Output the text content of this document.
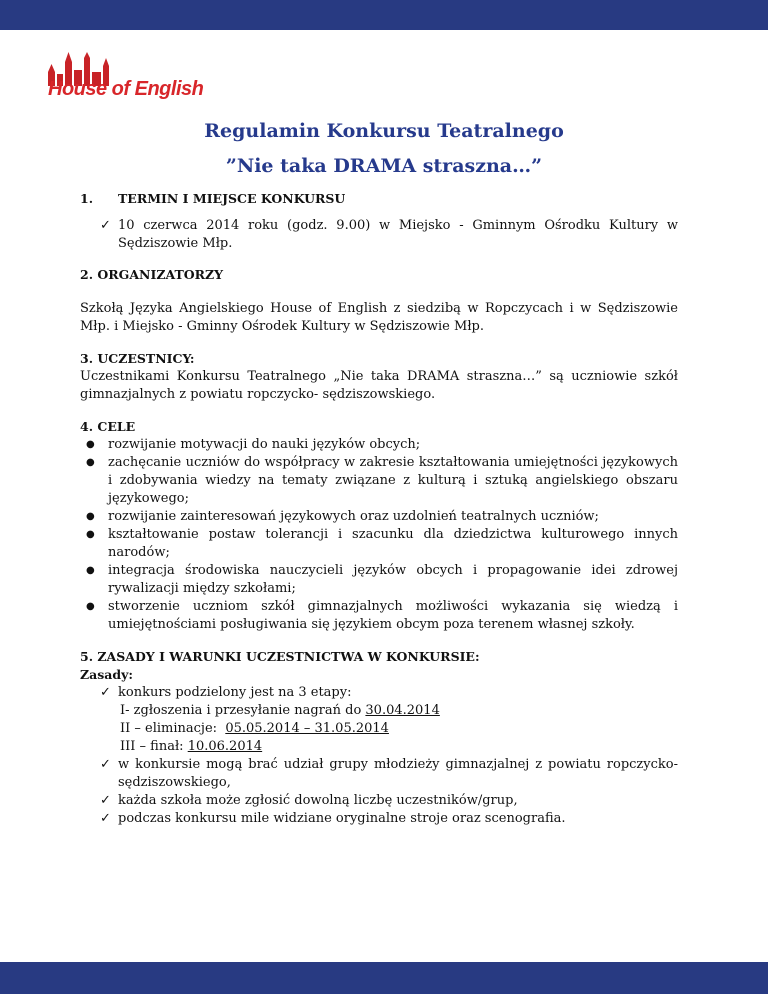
House of English
Regulamin Konkursu Teatralnego
”Nie taka DRAMA straszna…”
1.	TERMIN I MIEJSCE KONKURSU
✓ 10 czerwca 2014 roku (godz. 9.00) w Miejsko - Gminnym Ośrodku Kultury w Sędziszowie Młp.
2. ORGANIZATORZY

Szkołą Języka Angielskiego House of English z siedzibą w Ropczycach i w Sędziszowie Młp. i Miejsko - Gminny Ośrodek Kultury w Sędziszowie Młp.

3. UCZESTNICY:

Uczestnikami Konkursu Teatralnego „Nie taka DRAMA straszna…” są uczniowie szkół gimnazjalnych z powiatu ropczycko- sędziszowskiego.

4. CELE
●	rozwijanie motywacji do nauki języków obcych;
●	zachęcanie uczniów do współpracy w zakresie kształtowania umiejętności językowych i zdobywania wiedzy na tematy związane z kulturą i sztuką angielskiego obszaru językowego;
●	rozwijanie zainteresowań językowych oraz uzdolnień teatralnych uczniów;
●	kształtowanie postaw tolerancji i szacunku dla dziedzictwa kulturowego innych narodów;
●	integracja środowiska nauczycieli języków obcych i propagowanie idei zdrowej rywalizacji między szkołami;
●	stworzenie uczniom szkół gimnazjalnych możliwości wykazania się wiedzą i umiejętnościami posługiwania się językiem obcym poza terenem własnej szkoły.
5. ZASADY I WARUNKI UCZESTNICTWA W KONKURSIE:
Zasady:
✓ konkurs podzielony jest na 3 etapy:
I- zgłoszenia i przesyłanie nagrań do 30.04.2014
II – eliminacje:  05.05.2014 – 31.05.2014
III – finał: 10.06.2014
✓ w konkursie mogą brać udział grupy młodzieży gimnazjalnej z powiatu ropczycko- sędziszowskiego,
✓ każda szkoła może zgłosić dowolną liczbę uczestników/grup,
✓ podczas konkursu mile widziane oryginalne stroje oraz scenografia.
